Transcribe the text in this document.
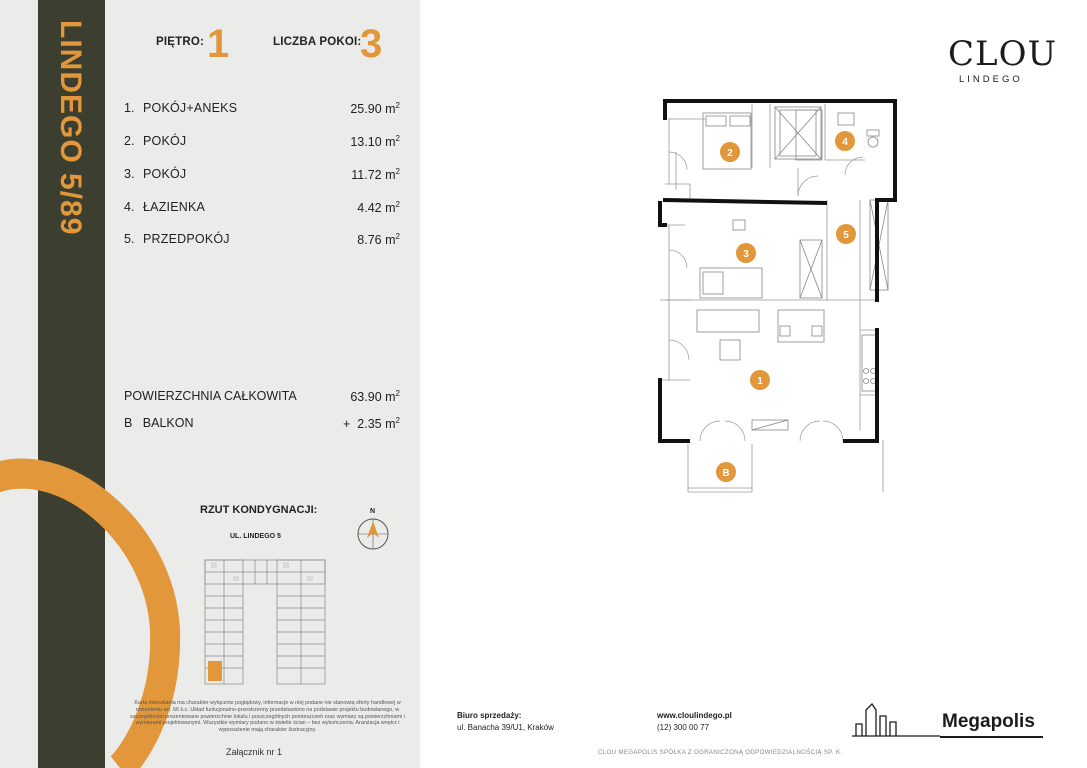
LINDEGO 5/89	PIĘTRO: 1	LICZBA POKOI:
3
1. POKÓJ+ANEKS	25.90 $m^2$
2. POKÓJ	13.10 $m^2$
3. POKÓJ	11.72 $m^2$
4. ŁAZIENKA	4.42 $m^2$
5. PRZEDPOKÓJ	8.76 $m^2$
POWIERZCHNIA CAŁKOWITA	63.90 $m^2$
B BALKON	+ 2.35 $m^2$
RZUT KONDYGNACJI:
UL. LINDEGO 5
N
Karta mieszkania ma charakter wyłącznie poglądowy, informacje w niej podane nie stanowią oferty handlowej w rozumieniu art. 66 k.c. Układ funkcjonalno-przestrzenny przedstawiono na podstawie projektu budowlanego, w szczególności prezentowane powierzchnie lokalu i poszczególnych pomieszczeń oraz wymiary są powierzchniami i wymiarami projektowanymi. Wszystkie wymiary podano w świetle ścian – bez wykończenia. Aranżacja wnętrz i wyposażenie mają charakter ilustracyjny.
Załącznik nr 1
CLOU
LINDEGO
1
2
3
4
5
B
Biuro sprzedaży:
ul. Banacha 39/U1, Kraków
www.cloulindego.pl
(12) 300 00 77
CLOU MEGAPOLIS SPÓŁKA Z OGRANICZONĄ ODPOWIEDZIALNOŚCIĄ SP. K.
Megapolis
